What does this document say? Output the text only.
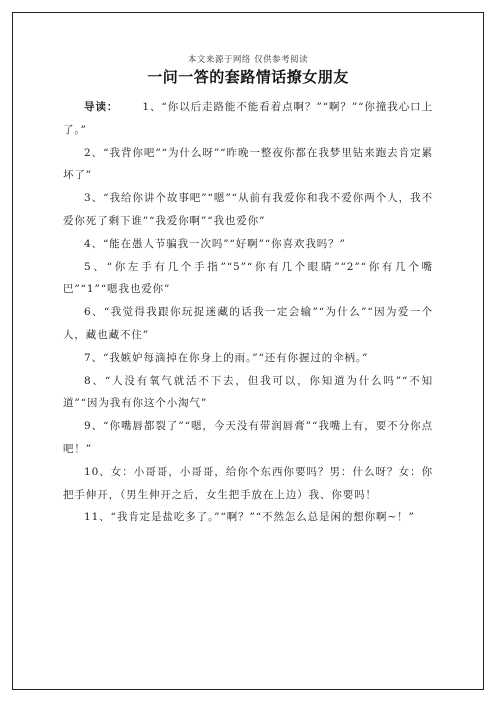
本文来源于网络 仅供参考阅读
一问一答的套路情话撩女朋友

导读： 1、“你以后走路能不能看着点啊？”“啊？”“你撞我心口上了。”

2、“我背你吧”“为什么呀”“昨晚一整夜你都在我梦里钻来跑去肯定累坏了”

3、“我给你讲个故事吧”“嗯”“从前有我爱你和我不爱你两个人，我不爱你死了剩下谁”“我爱你啊”“我也爱你”

4、“能在愚人节骗我一次吗”“好啊”“你喜欢我吗？”

5、“你左手有几个手指”“5”“你有几个眼睛”“2”“你有几个嘴巴”“1”“嗯我也爱你”

6、“我觉得我跟你玩捉迷藏的话我一定会输”“为什么”“因为爱一个人，藏也藏不住”

7、“我嫉妒每滴掉在你身上的雨。”“还有你握过的伞柄。”

8、“人没有氧气就活不下去，但我可以，你知道为什么吗”“不知道”“因为我有你这个小淘气”

9、“你嘴唇都裂了”“嗯，今天没有带润唇膏”“我嘴上有，要不分你点吧！”

10、女：小哥哥，小哥哥，给你个东西你要吗？男：什么呀？女：你把手伸开，（男生伸开之后，女生把手放在上边）我、你要吗！

11、“我肯定是盐吃多了。”“啊？”“不然怎么总是闲的想你啊~！”
